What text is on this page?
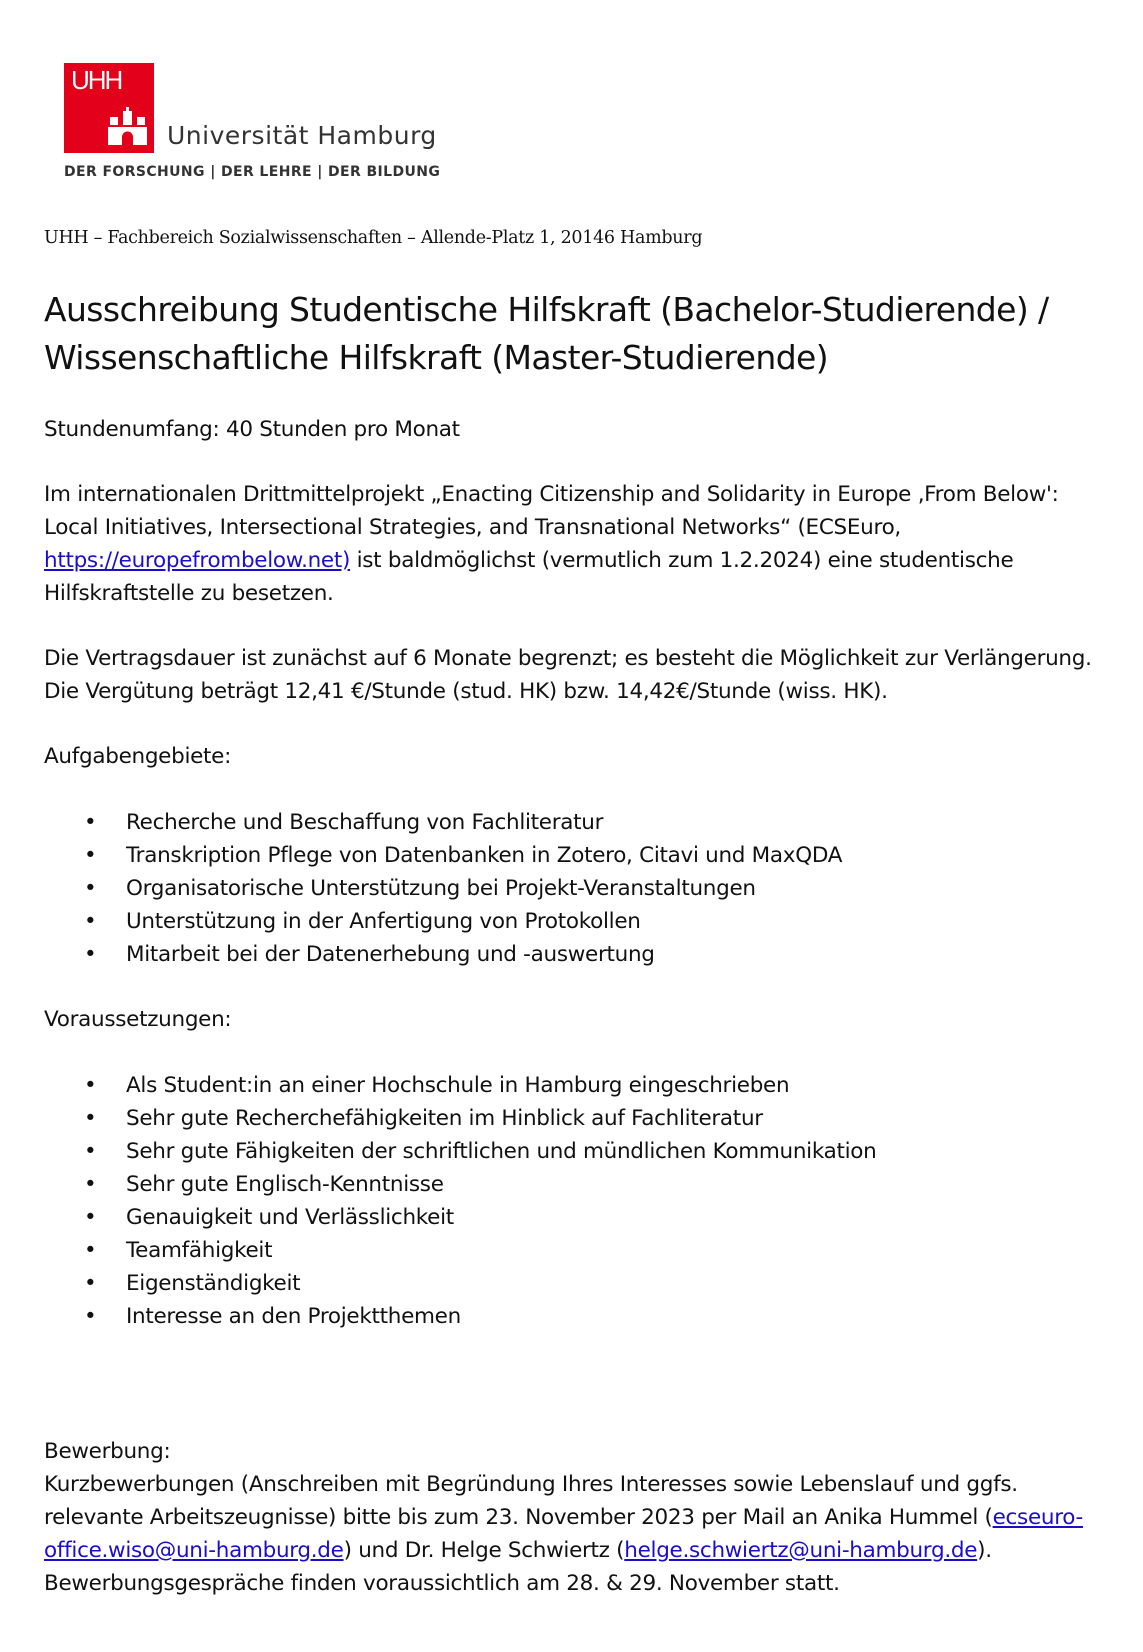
UHH
Universität Hamburg
DER FORSCHUNG | DER LEHRE | DER BILDUNG
UHH – Fachbereich Sozialwissenschaften – Allende-Platz 1, 20146 Hamburg
Ausschreibung Studentische Hilfskraft (Bachelor-Studierende) /
Wissenschaftliche Hilfskraft (Master-Studierende)
Stundenumfang: 40 Stunden pro Monat
Im internationalen Drittmittelprojekt „Enacting Citizenship and Solidarity in Europe ‚From Below': Local Initiatives, Intersectional Strategies, and Transnational Networks“ (ECSEuro, https://europefrombelow.net) ist baldmöglichst (vermutlich zum 1.2.2024) eine studentische Hilfskraftstelle zu besetzen.
Die Vertragsdauer ist zunächst auf 6 Monate begrenzt; es besteht die Möglichkeit zur Verlängerung. Die Vergütung beträgt 12,41 €/Stunde (stud. HK) bzw. 14,42€/Stunde (wiss. HK).
Aufgabengebiete:
• Recherche und Beschaffung von Fachliteratur
• Transkription Pflege von Datenbanken in Zotero, Citavi und MaxQDA
• Organisatorische Unterstützung bei Projekt-Veranstaltungen
• Unterstützung in der Anfertigung von Protokollen
• Mitarbeit bei der Datenerhebung und -auswertung
Voraussetzungen:
• Als Student:in an einer Hochschule in Hamburg eingeschrieben
• Sehr gute Recherchefähigkeiten im Hinblick auf Fachliteratur
• Sehr gute Fähigkeiten der schriftlichen und mündlichen Kommunikation
• Sehr gute Englisch-Kenntnisse
• Genauigkeit und Verlässlichkeit
• Teamfähigkeit
• Eigenständigkeit
• Interesse an den Projektthemen
Bewerbung:
Kurzbewerbungen (Anschreiben mit Begründung Ihres Interesses sowie Lebenslauf und ggfs. relevante Arbeitszeugnisse) bitte bis zum 23. November 2023 per Mail an Anika Hummel (ecseuro-office.wiso@uni-hamburg.de) und Dr. Helge Schwiertz (helge.schwiertz@uni-hamburg.de). Bewerbungsgespräche finden voraussichtlich am 28. & 29. November statt.
